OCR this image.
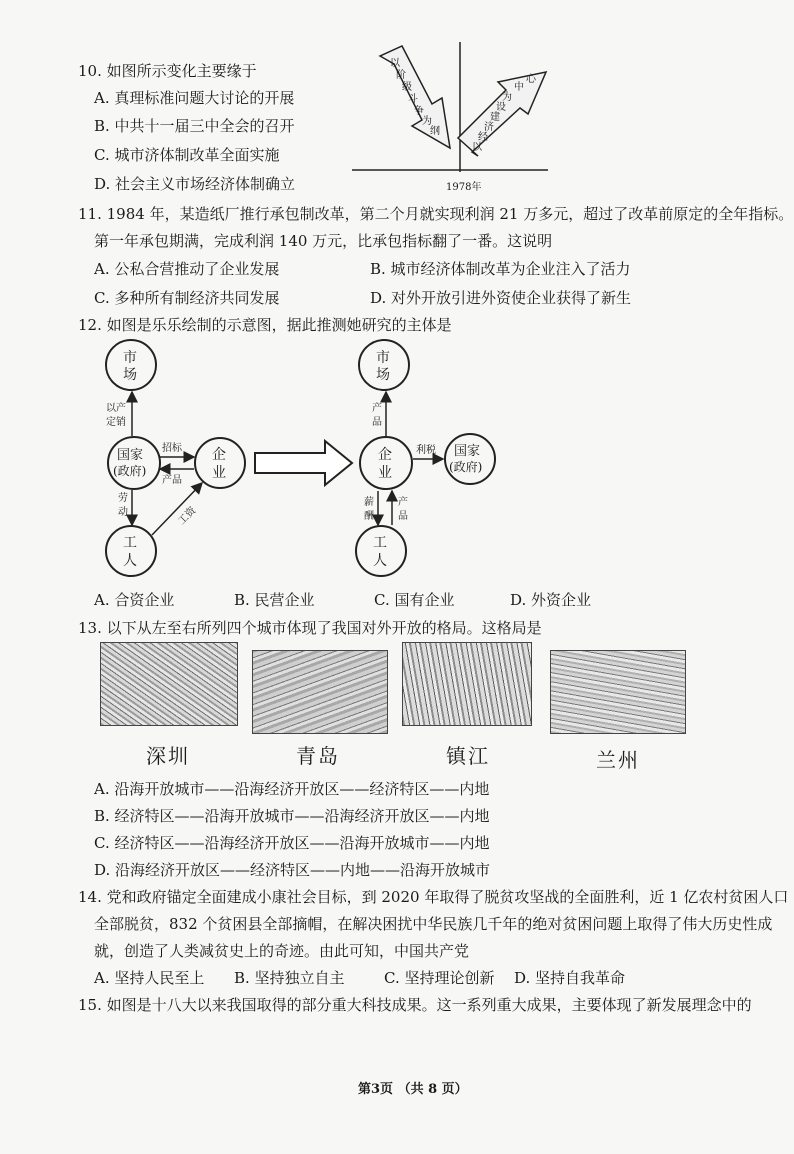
10. 如图所示变化主要缘于
A. 真理标准问题大讨论的开展
B. 中共十一届三中全会的召开
C. 城市济体制改革全面实施
D. 社会主义市场经济体制确立
以
阶
级
斗
争
为
纲
以
经
济
建
设
为
中
心
1978年
11. 1984 年，某造纸厂推行承包制改革，第二个月就实现利润 21 万多元，超过了改革前原定的全年指标。
第一年承包期满，完成利润 140 万元，比承包指标翻了一番。这说明
A. 公私合营推动了企业发展	B. 城市经济体制改革为企业注入了活力
C. 多种所有制经济共同发展	D. 对外开放引进外资使企业获得了新生
12. 如图是乐乐绘制的示意图，据此推测她研究的主体是
市
场
国家
(政府)
企
业
工
人
以产
定销
招标
产品
劳
动	工资
市
场
企
业
国家
(政府)
工
人
产
品
利税
薪
酬
产
品
A. 合资企业	B. 民营企业	C. 国有企业	D. 外资企业
13. 以下从左至右所列四个城市体现了我国对外开放的格局。这格局是
深圳	青岛	镇江	兰州
A. 沿海开放城市——沿海经济开放区——经济特区——内地
B. 经济特区——沿海开放城市——沿海经济开放区——内地
C. 经济特区——沿海经济开放区——沿海开放城市——内地
D. 沿海经济开放区——经济特区——内地——沿海开放城市
14. 党和政府锚定全面建成小康社会目标，到 2020 年取得了脱贫攻坚战的全面胜利，近 1 亿农村贫困人口
全部脱贫，832 个贫困县全部摘帽，在解决困扰中华民族几千年的绝对贫困问题上取得了伟大历史性成
就，创造了人类减贫史上的奇迹。由此可知，中国共产党
A. 坚持人民至上 B. 坚持独立自主	C. 坚持理论创新 D. 坚持自我革命
15. 如图是十八大以来我国取得的部分重大科技成果。这一系列重大成果，主要体现了新发展理念中的
第3页 （共 8 页）
